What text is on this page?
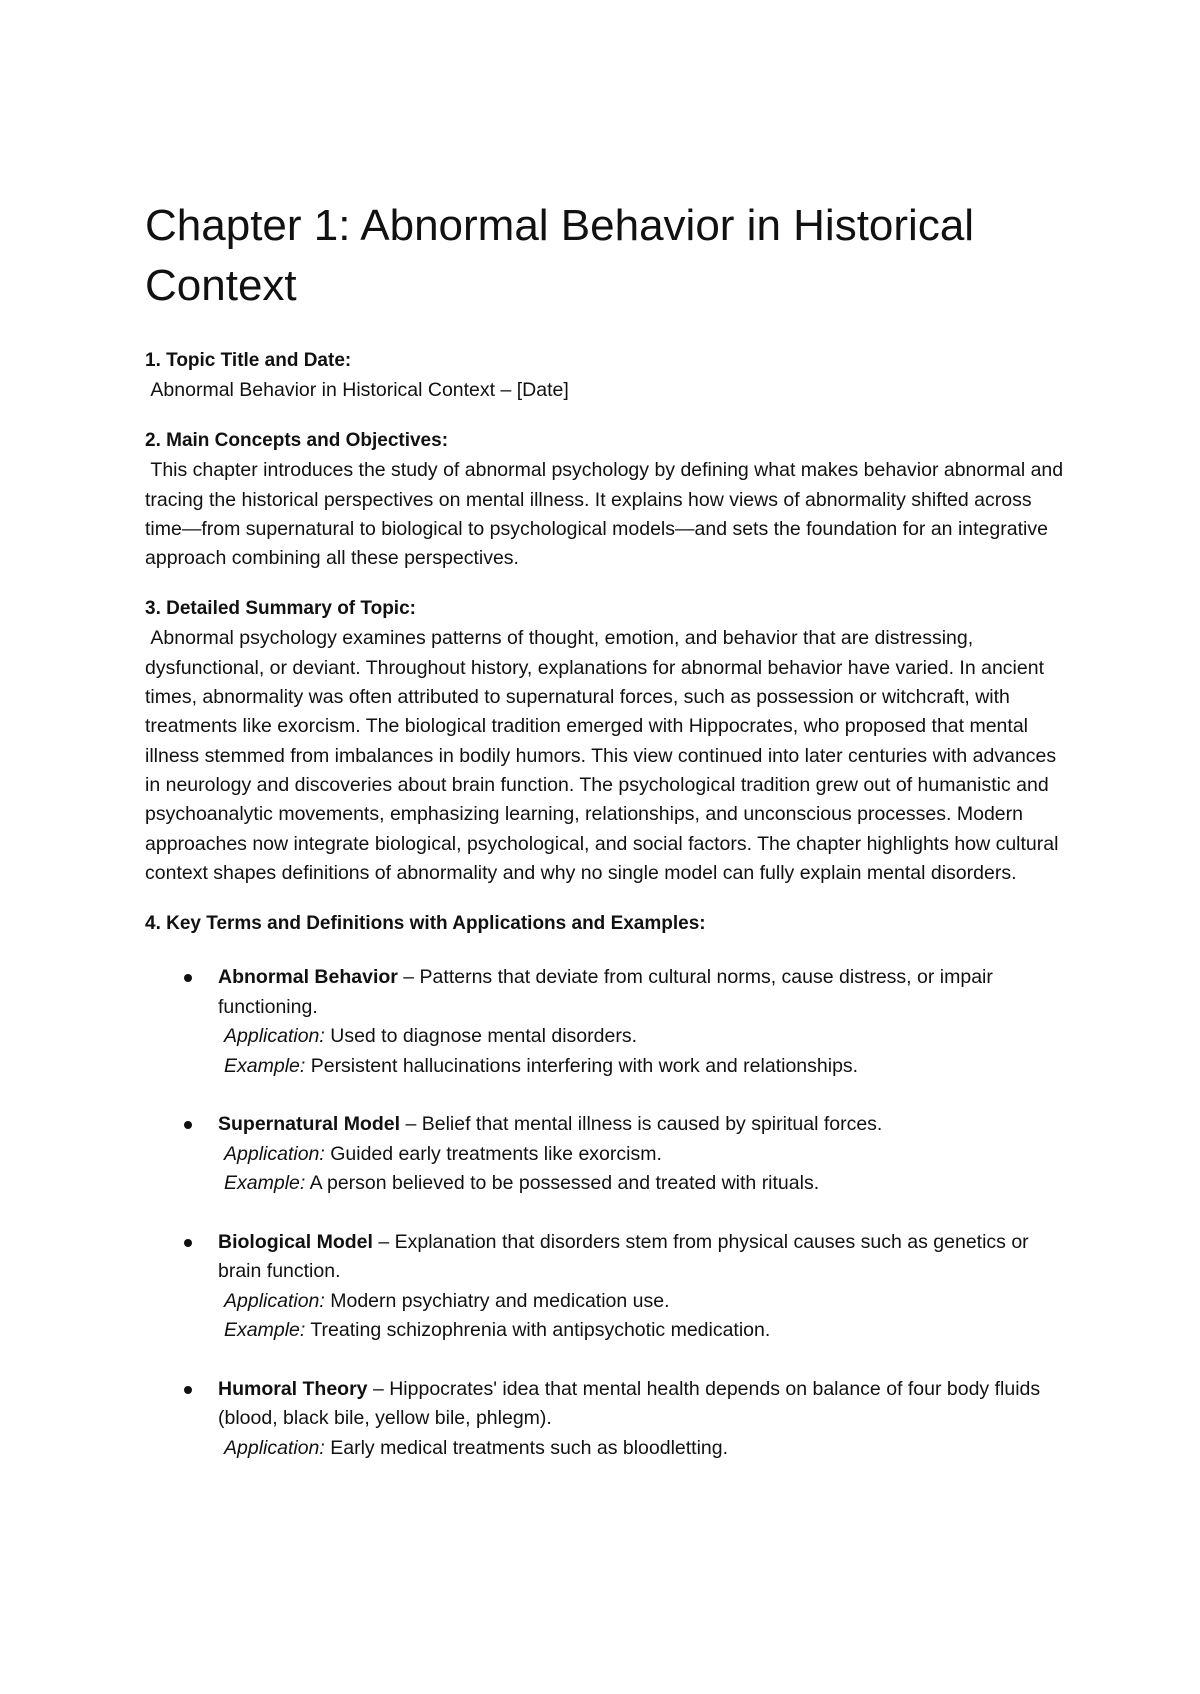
Chapter 1: Abnormal Behavior in Historical Context

1. Topic Title and Date:

Abnormal Behavior in Historical Context – [Date]

2. Main Concepts and Objectives:

This chapter introduces the study of abnormal psychology by defining what makes behavior abnormal and tracing the historical perspectives on mental illness. It explains how views of abnormality shifted across time—from supernatural to biological to psychological models—and sets the foundation for an integrative approach combining all these perspectives.

3. Detailed Summary of Topic:

Abnormal psychology examines patterns of thought, emotion, and behavior that are distressing, dysfunctional, or deviant. Throughout history, explanations for abnormal behavior have varied. In ancient times, abnormality was often attributed to supernatural forces, such as possession or witchcraft, with treatments like exorcism. The biological tradition emerged with Hippocrates, who proposed that mental illness stemmed from imbalances in bodily humors. This view continued into later centuries with advances in neurology and discoveries about brain function. The psychological tradition grew out of humanistic and psychoanalytic movements, emphasizing learning, relationships, and unconscious processes. Modern approaches now integrate biological, psychological, and social factors. The chapter highlights how cultural context shapes definitions of abnormality and why no single model can fully explain mental disorders.

4. Key Terms and Definitions with Applications and Examples:

Abnormal Behavior – Patterns that deviate from cultural norms, cause distress, or impair functioning.
Application: Used to diagnose mental disorders.
Example: Persistent hallucinations interfering with work and relationships.
Supernatural Model – Belief that mental illness is caused by spiritual forces.
Application: Guided early treatments like exorcism.
Example: A person believed to be possessed and treated with rituals.
Biological Model – Explanation that disorders stem from physical causes such as genetics or brain function.
Application: Modern psychiatry and medication use.
Example: Treating schizophrenia with antipsychotic medication.
Humoral Theory – Hippocrates' idea that mental health depends on balance of four body fluids (blood, black bile, yellow bile, phlegm).
Application: Early medical treatments such as bloodletting.
